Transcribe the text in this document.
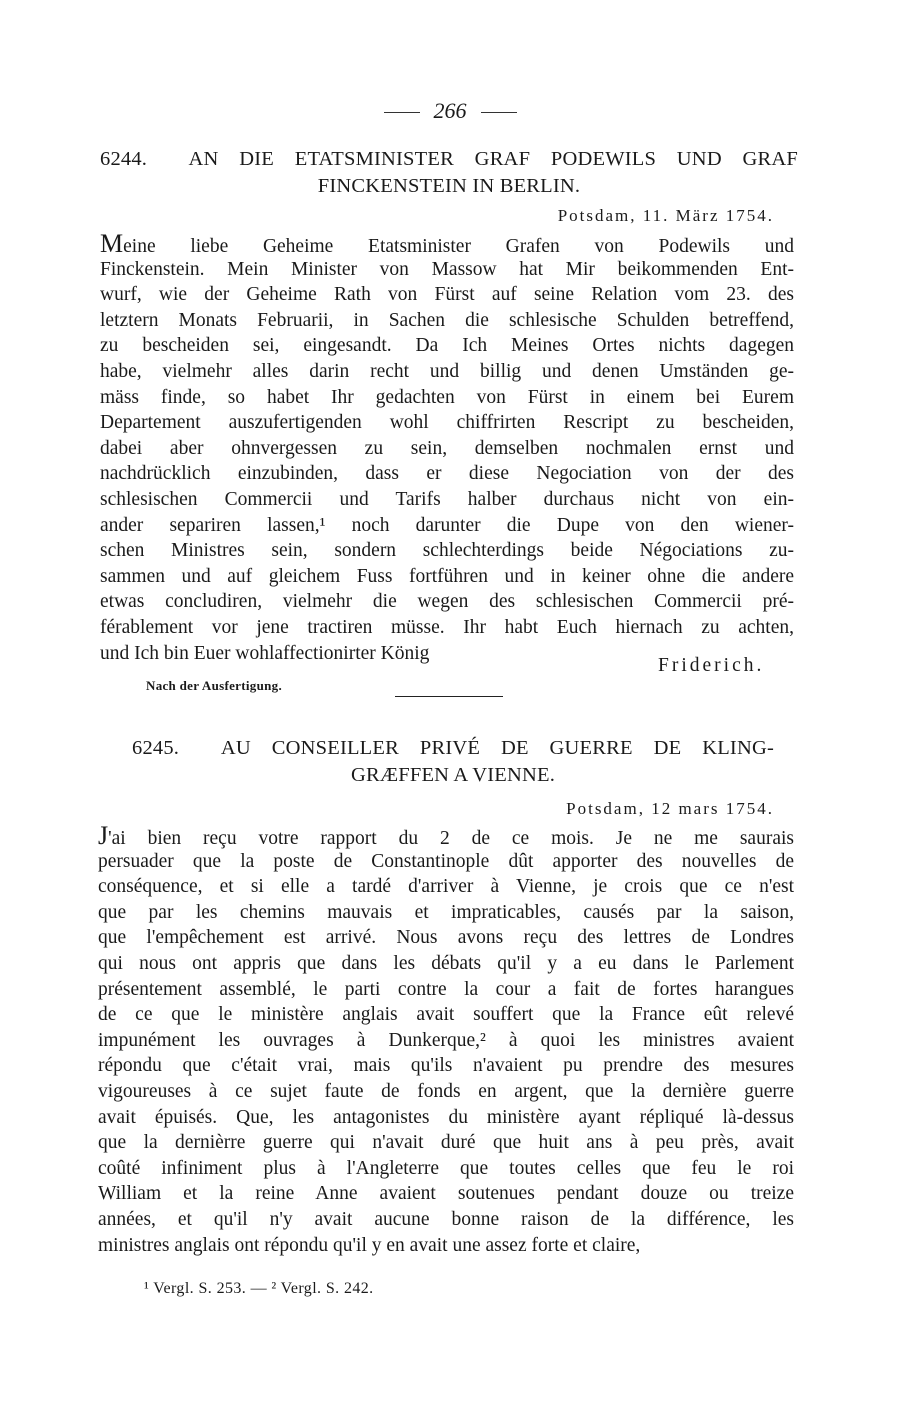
266
6244. AN DIE ETATSMINISTER GRAF PODEWILS UND GRAF
FINCKENSTEIN IN BERLIN.
Potsdam, 11. März 1754.
Meine liebe Geheime Etatsminister Grafen von Podewils und
Finckenstein. Mein Minister von Massow hat Mir beikommenden Ent-
wurf, wie der Geheime Rath von Fürst auf seine Relation vom 23. des
letztern Monats Februarii, in Sachen die schlesische Schulden betreffend,
zu bescheiden sei, eingesandt. Da Ich Meines Ortes nichts dagegen
habe, vielmehr alles darin recht und billig und denen Umständen ge-
mäss finde, so habet Ihr gedachten von Fürst in einem bei Eurem
Departement auszufertigenden wohl chiffrirten Rescript zu bescheiden,
dabei aber ohnvergessen zu sein, demselben nochmalen ernst und
nachdrücklich einzubinden, dass er diese Negociation von der des
schlesischen Commercii und Tarifs halber durchaus nicht von ein-
ander separiren lassen,¹ noch darunter die Dupe von den wiener-
schen Ministres sein, sondern schlechterdings beide Négociations zu-
sammen und auf gleichem Fuss fortführen und in keiner ohne die andere
etwas concludiren, vielmehr die wegen des schlesischen Commercii pré-
férablement vor jene tractiren müsse. Ihr habt Euch hiernach zu achten,
und Ich bin Euer wohlaffectionirter König
Friderich.
Nach der Ausfertigung.
6245. AU CONSEILLER PRIVÉ DE GUERRE DE KLING-
GRÆFFEN A VIENNE.
Potsdam, 12 mars 1754.
J'ai bien reçu votre rapport du 2 de ce mois. Je ne me saurais
persuader que la poste de Constantinople dût apporter des nouvelles de
conséquence, et si elle a tardé d'arriver à Vienne, je crois que ce n'est
que par les chemins mauvais et impraticables, causés par la saison,
que l'empêchement est arrivé. Nous avons reçu des lettres de Londres
qui nous ont appris que dans les débats qu'il y a eu dans le Parlement
présentement assemblé, le parti contre la cour a fait de fortes harangues
de ce que le ministère anglais avait souffert que la France eût relevé
impunément les ouvrages à Dunkerque,² à quoi les ministres avaient
répondu que c'était vrai, mais qu'ils n'avaient pu prendre des mesures
vigoureuses à ce sujet faute de fonds en argent, que la dernière guerre
avait épuisés. Que, les antagonistes du ministère ayant répliqué là-dessus
que la dernièrre guerre qui n'avait duré que huit ans à peu près, avait
coûté infiniment plus à l'Angleterre que toutes celles que feu le roi
William et la reine Anne avaient soutenues pendant douze ou treize
années, et qu'il n'y avait aucune bonne raison de la différence, les
ministres anglais ont répondu qu'il y en avait une assez forte et claire,
¹ Vergl. S. 253. — ² Vergl. S. 242.
